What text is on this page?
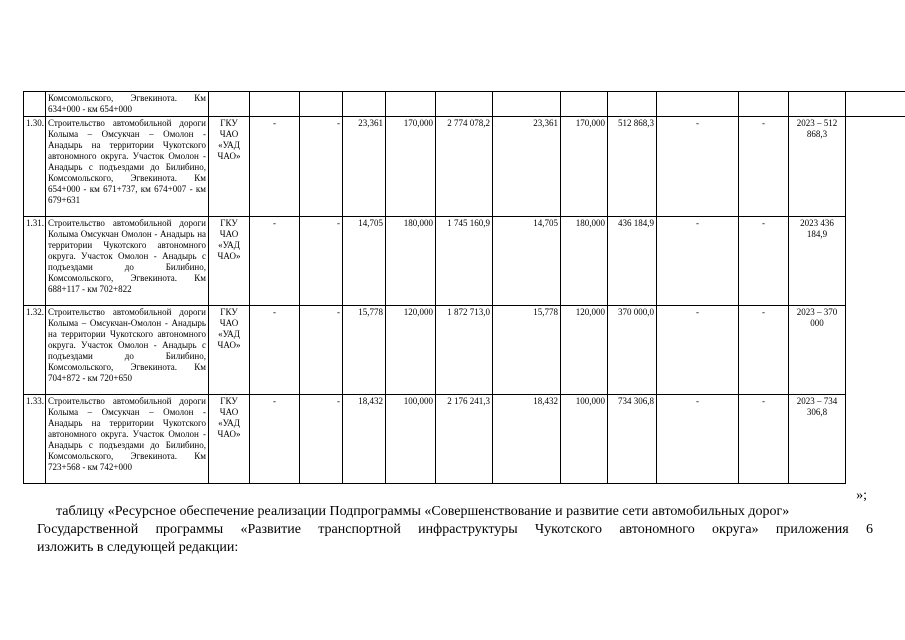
	Комсомольского, Эгвекинота. Км 634+000 - км 654+000													
1.30.	Строительство автомобильной дороги Колыма – Омсукчан – Омолон - Анадырь на территории Чукотского автономного округа. Участок Омолон - Анадырь с подъездами до Билибино, Комсомольского, Эгвекинота. Км 654+000 - км 671+737, км 674+007 - км 679+631	ГКУ ЧАО «УАД ЧАО»	-	-	23,361	170,000	2 774 078,2	23,361	170,000	512 868,3	-	-	2023 – 512 868,3	
1.31.	Строительство автомобильной дороги Колыма Омсукчан Омолон - Анадырь на территории Чукотского автономного округа. Участок Омолон - Анадырь с подъездами до Билибино, Комсомольского, Эгвекинота. Км 688+117 - км 702+822	ГКУ ЧАО «УАД ЧАО»	-	-	14,705	180,000	1 745 160,9	14,705	180,000	436 184,9	-	-	2023 436 184,9	
1.32.	Строительство автомобильной дороги Колыма – Омсукчан-Омолон - Анадырь на территории Чукотского автономного округа. Участок Омолон - Анадырь с подъездами до Билибино, Комсомольского, Эгвекинота. Км 704+872 - км 720+650	ГКУ ЧАО «УАД ЧАО»	-	-	15,778	120,000	1 872 713,0	15,778	120,000	370 000,0	-	-	2023 – 370 000	
1.33.	Строительство автомобильной дороги Колыма – Омсукчан – Омолон - Анадырь на территории Чукотского автономного округа. Участок Омолон - Анадырь с подъездами до Билибино, Комсомольского, Эгвекинота. Км 723+568 - км 742+000	ГКУ ЧАО «УАД ЧАО»	-	-	18,432	100,000	2 176 241,3	18,432	100,000	734 306,8	-	-	2023 – 734 306,8	
»;
таблицу «Ресурсное обеспечение реализации Подпрограммы «Совершенствование и развитие сети автомобильных дорог»
Государственной программы «Развитие транспортной инфраструктуры Чукотского автономного округа» приложения 6
изложить в следующей редакции:
